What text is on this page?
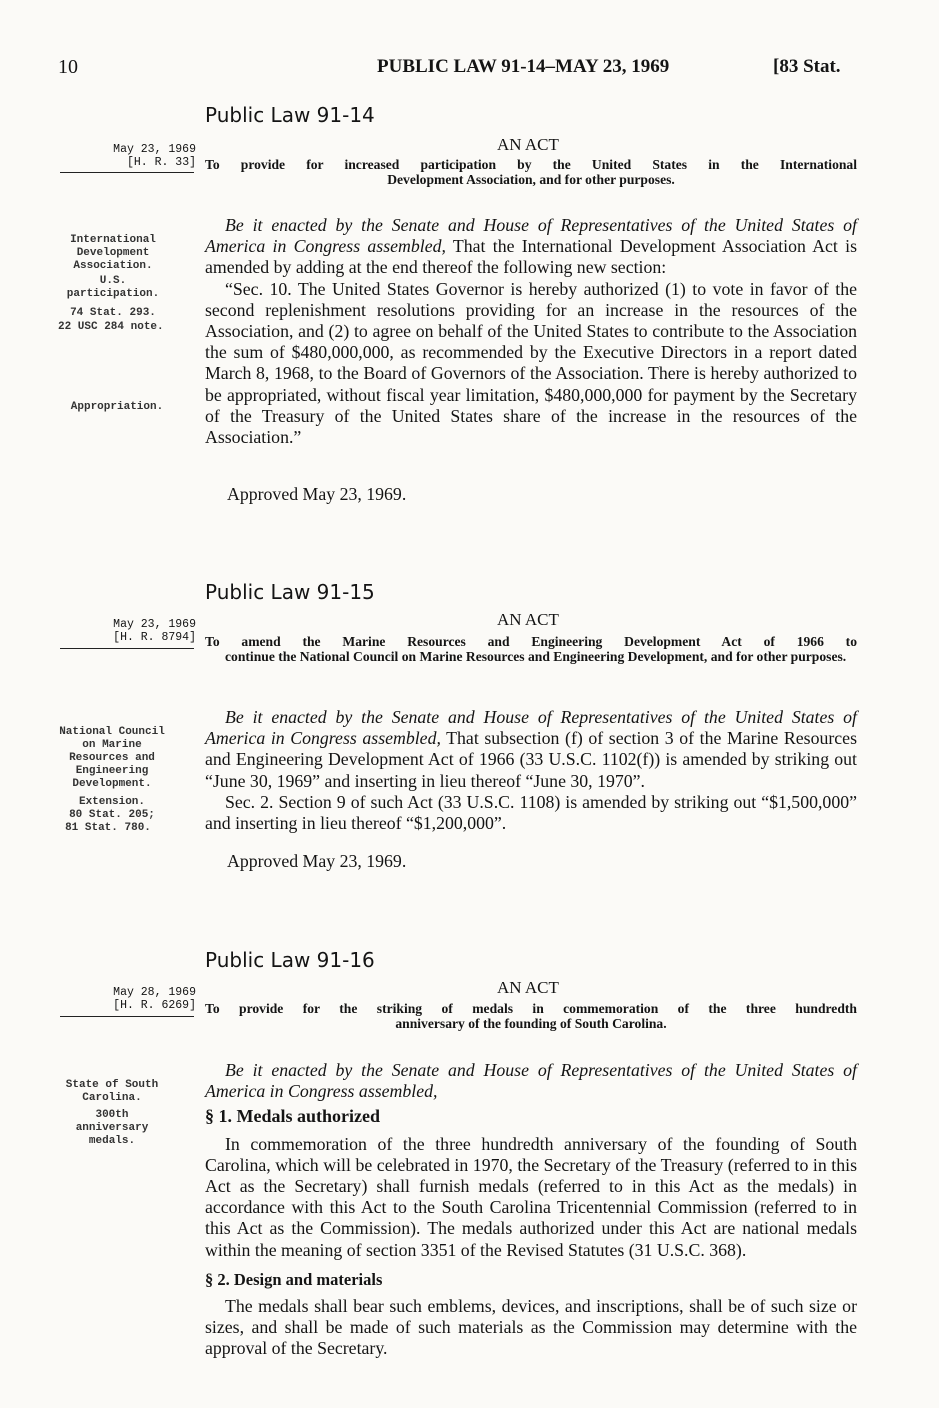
10	PUBLIC LAW 91-14–MAY 23, 1969	[83 Stat.
Public Law 91-14
AN ACT
May 23, 1969
[H. R. 33] To provide for increased participation by the United States in the International
Development Association, and for other purposes.
International Development Association.
U.S. participation.
74 Stat. 293.
22 USC 284 note.
Appropriation.

Be it enacted by the Senate and House of Representatives of the United States of America in Congress assembled, That the International Development Association Act is amended by adding at the end thereof the following new section:

“Sec. 10. The United States Governor is hereby authorized (1) to vote in favor of the second replenishment resolutions providing for an increase in the resources of the Association, and (2) to agree on behalf of the United States to contribute to the Association the sum of $480,000,000, as recommended by the Executive Directors in a report dated March 8, 1968, to the Board of Governors of the Association. There is hereby authorized to be appropriated, without fiscal year limitation, $480,000,000 for payment by the Secretary of the Treasury of the United States share of the increase in the resources of the Association.”

Approved May 23, 1969.
Public Law 91-15
AN ACT
May 23, 1969
[H. R. 8794] To amend the Marine Resources and Engineering Development Act of 1966 to
continue the National Council on Marine Resources and Engineering Development, and for other purposes.
National Council on Marine Resources and Engineering Development.
Extension.
80 Stat. 205;
81 Stat. 780.

Be it enacted by the Senate and House of Representatives of the United States of America in Congress assembled, That subsection (f) of section 3 of the Marine Resources and Engineering Development Act of 1966 (33 U.S.C. 1102(f)) is amended by striking out “June 30, 1969” and inserting in lieu thereof “June 30, 1970”.

Sec. 2. Section 9 of such Act (33 U.S.C. 1108) is amended by striking out “$1,500,000” and inserting in lieu thereof “$1,200,000”.

Approved May 23, 1969.
Public Law 91-16
AN ACT
May 28, 1969
[H. R. 6269] To provide for the striking of medals in commemoration of the three hundredth
anniversary of the founding of South Carolina.
State of South Carolina.
300th anniversary medals.

Be it enacted by the Senate and House of Representatives of the United States of America in Congress assembled,

§ 1. Medals authorized

In commemoration of the three hundredth anniversary of the founding of South Carolina, which will be celebrated in 1970, the Secretary of the Treasury (referred to in this Act as the Secretary) shall furnish medals (referred to in this Act as the medals) in accordance with this Act to the South Carolina Tricentennial Commission (referred to in this Act as the Commission). The medals authorized under this Act are national medals within the meaning of section 3351 of the Revised Statutes (31 U.S.C. 368).

§ 2. Design and materials

The medals shall bear such emblems, devices, and inscriptions, shall be of such size or sizes, and shall be made of such materials as the Commission may determine with the approval of the Secretary.
